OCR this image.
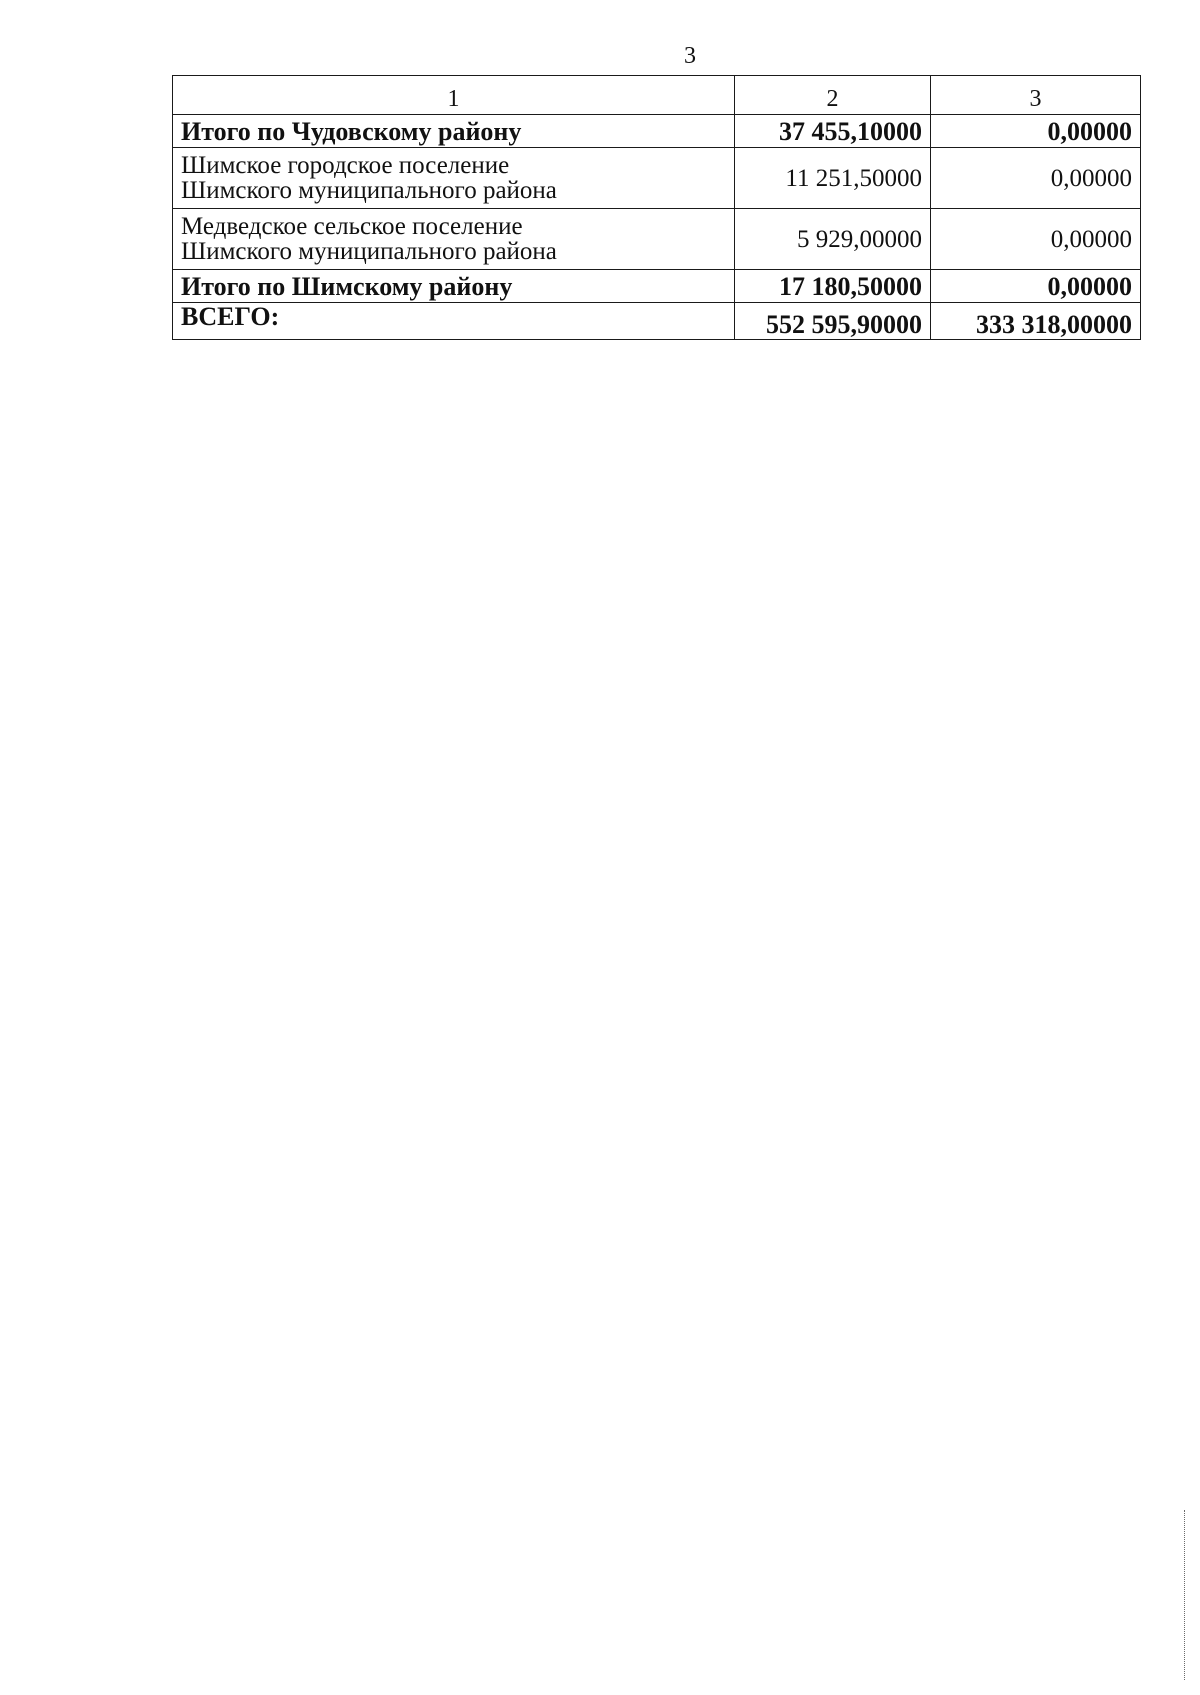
3
1	2	3

Итого по Чудовскому району	37 455,10000	0,00000

Шимское городское поселение
Шимского муниципального района	11 251,50000	0,00000

Медведское сельское поселение
Шимского муниципального района	5 929,00000	0,00000

Итого по Шимскому району	17 180,50000	0,00000

ВСЕГО:	552 595,90000	333 318,00000
